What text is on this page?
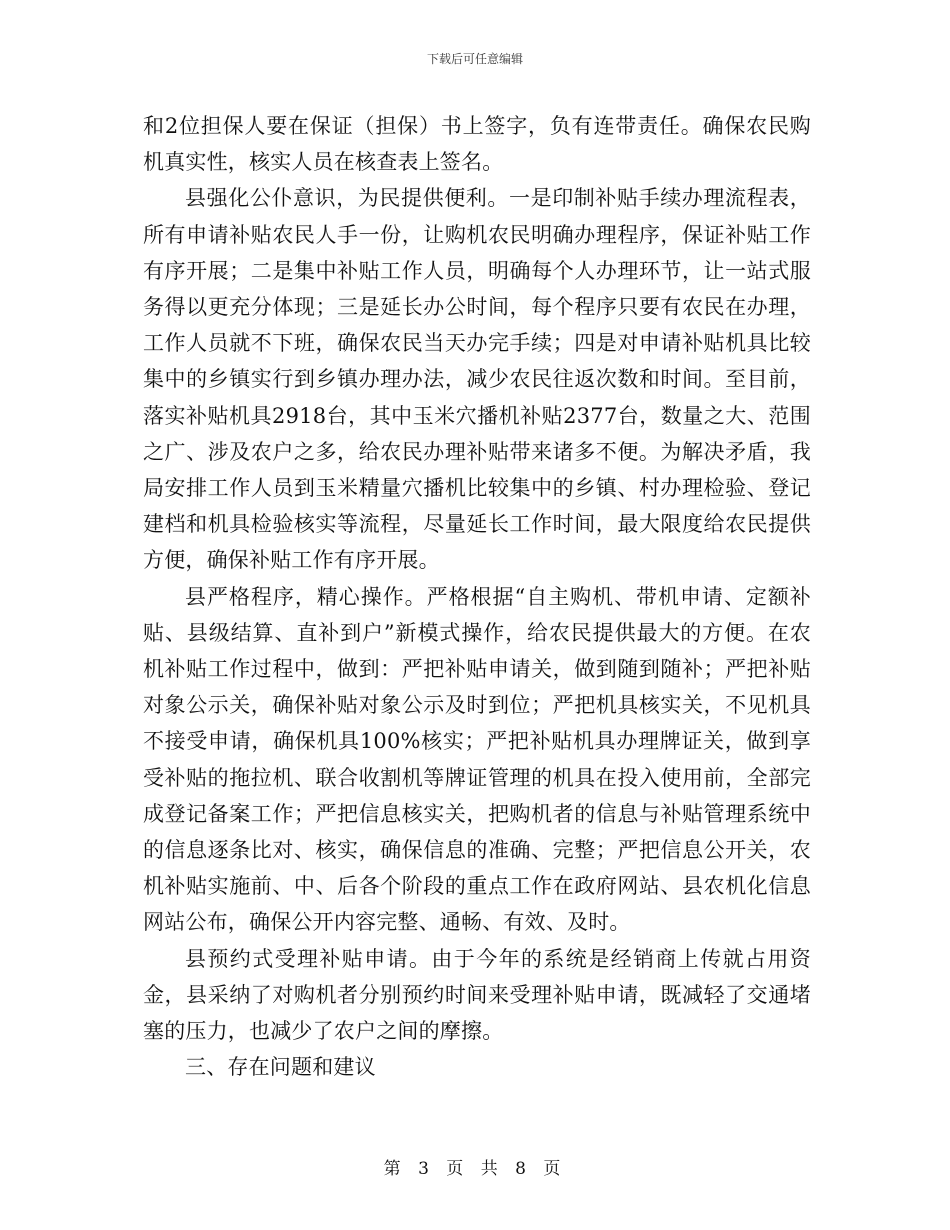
下载后可任意编辑

和2位担保人要在保证（担保）书上签字，负有连带责任。确保农民购机真实性，核实人员在核查表上签名。

县强化公仆意识，为民提供便利。一是印制补贴手续办理流程表，所有申请补贴农民人手一份，让购机农民明确办理程序，保证补贴工作有序开展；二是集中补贴工作人员，明确每个人办理环节，让一站式服务得以更充分体现；三是延长办公时间，每个程序只要有农民在办理，工作人员就不下班，确保农民当天办完手续；四是对申请补贴机具比较集中的乡镇实行到乡镇办理办法，减少农民往返次数和时间。至目前，落实补贴机具2918台，其中玉米穴播机补贴2377台，数量之大、范围之广、涉及农户之多，给农民办理补贴带来诸多不便。为解决矛盾，我局安排工作人员到玉米精量穴播机比较集中的乡镇、村办理检验、登记建档和机具检验核实等流程，尽量延长工作时间，最大限度给农民提供方便，确保补贴工作有序开展。

县严格程序，精心操作。严格根据“自主购机、带机申请、定额补贴、县级结算、直补到户”新模式操作，给农民提供最大的方便。在农机补贴工作过程中，做到：严把补贴申请关，做到随到随补；严把补贴对象公示关，确保补贴对象公示及时到位；严把机具核实关，不见机具不接受申请，确保机具100%核实；严把补贴机具办理牌证关，做到享受补贴的拖拉机、联合收割机等牌证管理的机具在投入使用前，全部完成登记备案工作；严把信息核实关，把购机者的信息与补贴管理系统中的信息逐条比对、核实，确保信息的准确、完整；严把信息公开关，农机补贴实施前、中、后各个阶段的重点工作在政府网站、县农机化信息网站公布，确保公开内容完整、通畅、有效、及时。

县预约式受理补贴申请。由于今年的系统是经销商上传就占用资金，县采纳了对购机者分别预约时间来受理补贴申请，既减轻了交通堵塞的压力，也减少了农户之间的摩擦。

三、存在问题和建议

第 3 页 共 8 页
